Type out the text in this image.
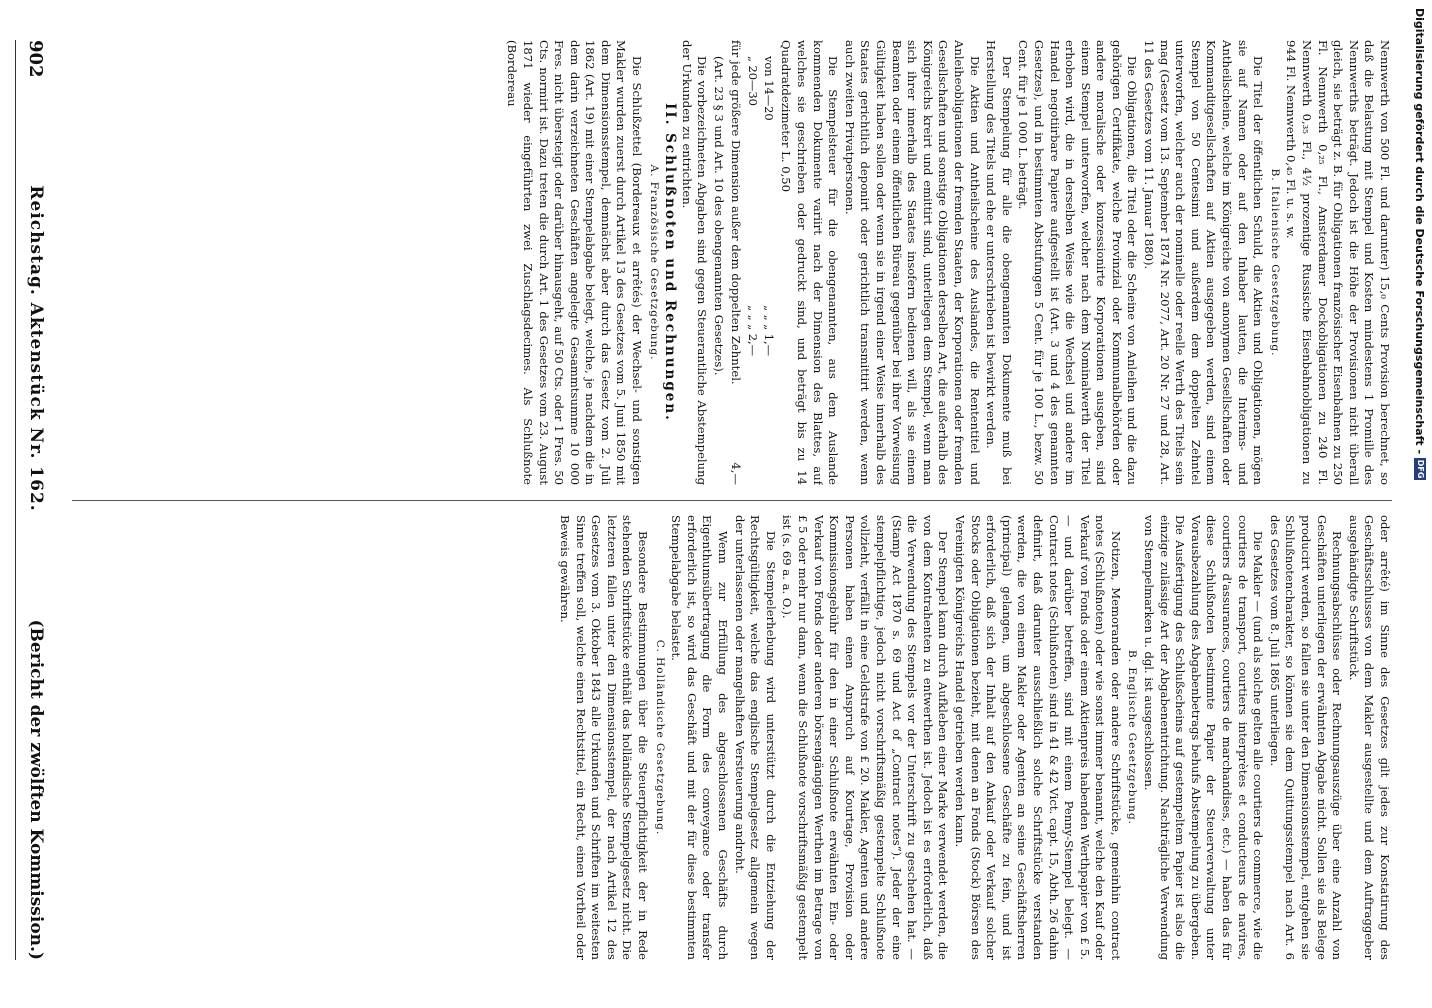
Digitalisierung gefördert durch die Deutsche Forschungsgemeinschaft -
DFG

Nennwerth von 500 Fl. und darunter) 15,₀ Cents Provision berechnet, so daß die Belastung mit Stempel und Kosten mindestens 1 Promille des Nennwerths beträgt. Jedoch ist die Höhe der Provisionen nicht überall gleich, sie beträgt z. B. für Obligationen französischer Eisenbahnen zu 250 Fl. Nennwerth 0,₂₅ Fl., Amsterdamer Dockobligationen zu 240 Fl. Nennwerth 0,₃₅ Fl., 4½ prozentige Russische Eisenbahnobligationen zu 944 Fl. Nennwerth 0,₄₅ Fl. u. s. w.

B. Italienische Gesetzgebung.

Die Titel der öffentlichen Schuld, die Aktien und Obligationen, mögen sie auf Namen oder auf den Inhaber lauten, die Interims- und Antheilscheine, welche im Königreiche von anonymen Gesellschaften oder Kommanditgesellschaften auf Aktien ausgegeben werden, sind einem Stempel von 50 Centesimi und außerdem dem doppelten Zehntel unterworfen, welcher auch der nominelle oder reelle Werth des Titels sein mag (Gesetz vom 13. September 1874 Nr. 2077, Art. 20 Nr. 27 und 28, Art. 11 des Gesetzes vom 11. Januar 1880).

Die Obligationen, die Titel oder die Scheine von Anleihen und die dazu gehörigen Certifikate, welche Provinzial oder Kommunalbehörden oder andere moralische oder konzessionirte Korporationen ausgeben, sind einem Stempel unterworfen, welcher nach dem Nominalwerth der Titel erhoben wird, die in derselben Weise wie die Wechsel und andere im Handel negotiirbare Papiere aufgestellt ist (Art. 3 und 4 des genannten Gesetzes), und in bestimmten Abstufungen 5 Cent. für je 100 L., bezw. 50 Cent. für je 1 000 L. beträgt.

Der Stempelung für alle die obengenannten Dokumente muß bei Herstellung des Titels und ehe er unterschrieben ist bewirkt werden.

Die Aktien und Antheilscheine des Auslandes, die Rententitel und Anleiheobligationen der fremden Staaten, der Korporationen oder fremden Gesellschaften und sonstige Obligationen derselben Art, die außerhalb des Königreichs kreirt und emittirt sind, unterliegen dem Stempel, wenn man sich ihrer innerhalb des Staates insofern bedienen will, als sie einem Beamten oder einem öffentlichen Büreau gegenüber bei ihrer Vorweisung Gültigkeit haben sollen oder wenn sie in irgend einer Weise innerhalb des Staates gerichtlich deponirt oder gerichtlich transmittirt werden, wenn auch zweiten Privatpersonen.

Die Stempelsteuer für die obengenannten, aus dem Auslande kommenden Dokumente variirt nach der Dimension des Blattes, auf welches sie geschrieben oder gedruckt sind, und beträgt bis zu 14 Quadratdezimeter L. 0,50

von 14—20
„ „ „ 1,—
„ 20—30
„ „ „ 2,—

für jede größere Dimension außer dem doppelten Zehntel.
4,—

(Art. 23 § 3 und Art. 10 des obengenannten Gesetzes).

Die vorbezeichneten Abgaben sind gegen Steuerantliche Abstempelung der Urkunden zu entrichten.

II. Schlußnoten und Rechnungen.

A. Französische Gesetzgebung.

Die Schlußzettel (Bordereaux et arrêtés) der Wechsel- und sonstigen Makler wurden zuerst durch Artikel 13 des Gesetzes vom 5. Juni 1850 mit dem Dimensionsstempel, demnächst aber durch das Gesetz vom 2. Juli 1862 (Art. 19) mit einer Stempelabgabe belegt, welche, je nachdem die in dem darin verzeichneten Geschäften angelegte Gesammtsumme 10 000 Fres. nicht übersteigt oder darüber hinausgeht, auf 50 Cts. oder 1 Fres. 50 Cts. normirt ist. Dazu treten die durch Art. 1 des Gesetzes vom 23. August 1871 wieder eingeführten zwei Zuschlagsdecimes. Als Schlußnote (Bordereau

oder arrêté) im Sinne des Gesetzes gilt jedes zur Konstatirung des Geschäftsschlusses von dem Makler ausgestellte und dem Auftraggeber ausgehändigte Schriftstück.

Rechnungsabschlüsse oder Rechnungsauszüge über eine Anzahl von Geschäften unterliegen der erwähnten Abgabe nicht. Sollen sie als Belege producirt werden, so fallen sie unter den Dimensionsstempel, entgehen sie Schlußnotencharakter, so können sie dem Quittungsstempel nach Art. 6 des Gesetzes vom 8. Juli 1865 unterliegen.

Die Makler — (und als solche gelten alle courtiers de commerce, wie die courtiers de transport, courtiers interprètes et conducteurs de navires, courtiers d'assurances, courtiers de marchandises, etc.) — haben das für diese Schlußnoten bestimmte Papier der Steuerverwaltung unter Vorausbezahlung des Abgabenbetrags behufs Abstempelung zu übergeben. Die Ausfertigung des Schlußscheins auf gestempeltem Papier ist also die einzige zulässige Art der Abgabenentrichtung. Nachträgliche Verwendung von Stempelmarken u. dgl. ist ausgeschlossen.

B. Englische Gesetzgebung.

Notizen, Memoranden oder andere Schriftstücke, gemeinhin contract notes (Schlußnoten) oder wie sonst immer benannt, welche den Kauf oder Verkauf von Fonds oder einem Aktienpreis habenden Werthpapier von £ 5. — und darüber betreffen, sind mit einem Penny-Stempel belegt. — Contract notes (Schlußnoten) sind in 41 & 42 Vict. capt. 15, Abth. 26 dahin definirt, daß darunter ausschließlich solche Schriftstücke verstanden werden, die von einem Makler oder Agenten an seine Geschäftsherren (principal) gelangen, um abgeschlossene Geschäfte zu fein, und ist erforderlich, daß sich der Inhalt auf den Ankauf oder Verkauf solcher Stocks oder Obligationen bezieht, mit denen an Fonds (Stock) Börsen des Vereinigten Königreichs Handel getrieben werden kann.

Der Stempel kann durch Aufkleben einer Marke verwendet werden, die von dem Kontrahenten zu entwerthen ist. Jedoch ist es erforderlich, daß die Verwendung des Stempels vor der Unterschrift zu geschehen hat. — (Stamp Act 1870 s. 69 und Act of „Contract notes“). Jeder der eine stempelpflichtige, jedoch nicht vorschriftsmäßig gestempelte Schlußnote vollzieht, verfällt in eine Geldstrafe von £ 20. Makler, Agenten und andere Personen haben einen Anspruch auf Kourtage, Provision oder Kommissionsgebühr für den in einer Schlußnote erwähnten Ein- oder Verkauf von Fonds oder anderen börsengängigen Werthen im Betrage von £ 5 oder mehr nur dann, wenn die Schlußnote vorschriftsmäßig gestempelt ist (s. 69 a. a. O.).

Die Stempelerhebung wird unterstützt durch die Entziehung der Rechtsgültigkeit, welche das englische Stempelgesetz allgemein wegen der unterlassenen oder mangelhaften Versteuerung androht.

Wenn zur Erfüllung des abgeschlossenen Geschäfts durch Eigenthumsübertragung die Form des conveyance oder transfer erforderlich ist, so wird das Geschäft und mit der für diese bestimmten Stempelabgabe belastet.

C. Holländische Gesetzgebung.

Besondere Bestimmungen über die Steuerpflichtigkeit der in Rede stehenden Schriftstücke enthält das holländische Stempelgesetz nicht. Die letzteren fallen unter den Dimensionsstempel, der nach Artikel 12 des Gesetzes vom 3. Oktober 1843 alle Urkunden und Schriften im weitesten Sinne treffen soll, welche einen Rechtstitel, ein Recht, einen Vortheil oder Beweis gewähren.

902
Reichstag. Aktenstück Nr. 162.
(Bericht der zwölften Kommission.)
